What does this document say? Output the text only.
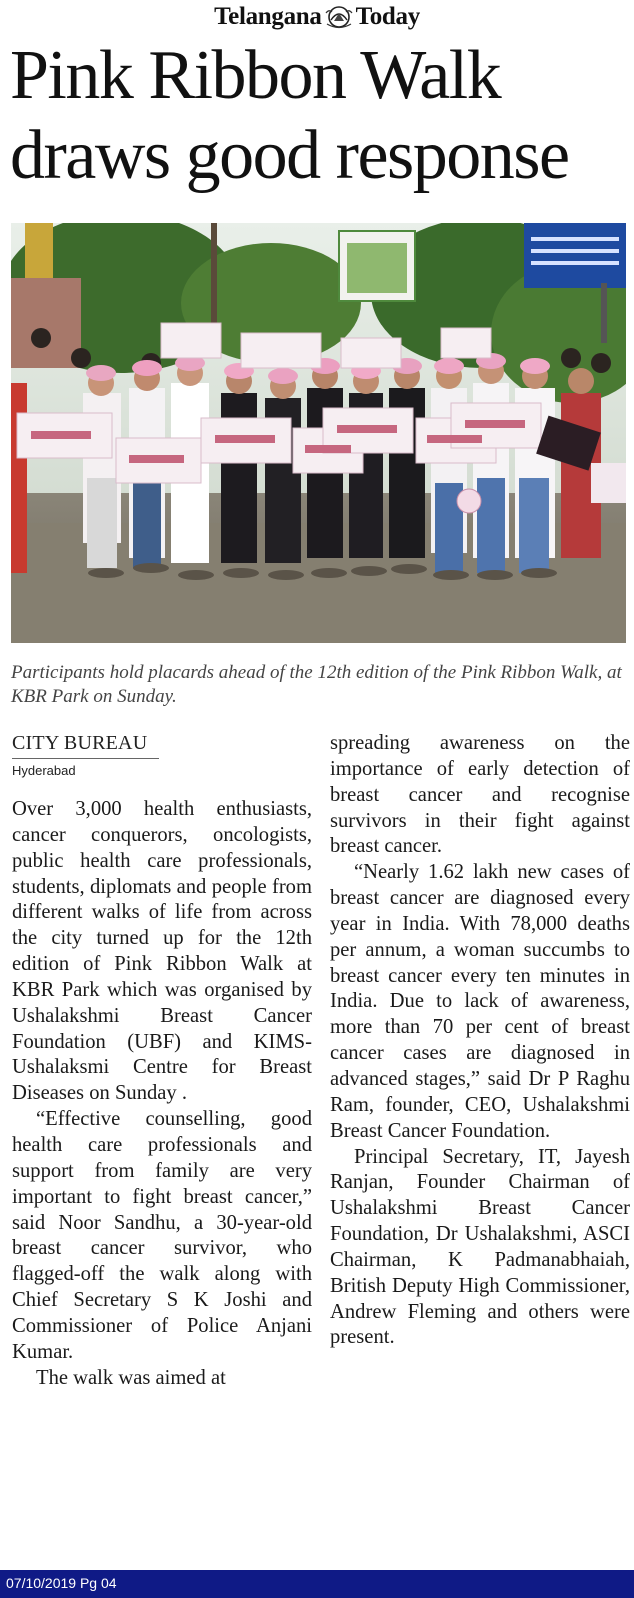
Telangana Today
Pink Ribbon Walk draws good response

Participants hold placards ahead of the 12th edition of the Pink Ribbon Walk, at KBR Park on Sunday.

CITY BUREAU
Hyderabad

Over 3,000 health enthusiasts, cancer conquerors, oncologists, public health care professionals, students, diplomats and people from different walks of life from across the city turned up for the 12th edition of Pink Ribbon Walk at KBR Park which was organised by Ushalakshmi Breast Cancer Foundation (UBF) and KIMS-Ushalaksmi Centre for Breast Diseases on Sunday .

“Effective counselling, good health care professionals and support from family are very important to fight breast cancer,” said Noor Sandhu, a 30-year-old breast cancer survivor, who flagged-off the walk along with Chief Secretary S K Joshi and Commissioner of Police Anjani Kumar.

The walk was aimed at

spreading awareness on the importance of early detection of breast cancer and recognise survivors in their fight against breast cancer.

“Nearly 1.62 lakh new cases of breast cancer are diagnosed every year in India. With 78,000 deaths per annum, a woman succumbs to breast cancer every ten minutes in India. Due to lack of awareness, more than 70 per cent of breast cancer cases are diagnosed in advanced stages,” said Dr P Raghu Ram, founder, CEO, Ushalakshmi Breast Cancer Foundation.

Principal Secretary, IT, Jayesh Ranjan, Founder Chairman of Ushalakshmi Breast Cancer Foundation, Dr Ushalakshmi, ASCI Chairman, K Padmanabhaiah, British Deputy High Commissioner, Andrew Fleming and others were present.

07/10/2019 Pg 04
